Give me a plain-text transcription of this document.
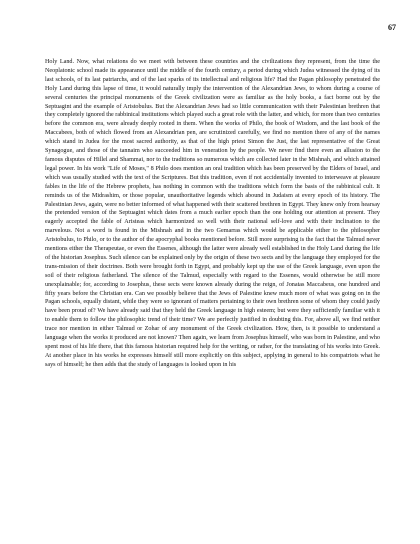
67

Holy Land. Now, what relations do we meet with between these countries and the civilizations they represent, from the time the Neoplatonic school made its appearance until the middle of the fourth century, a period during which Judea witnessed the dying of its last schools, of its last patriarchs, and of the last sparks of its intellectual and religious life? Had the Pagan philosophy penetrated the Holy Land during this lapse of time, it would naturally imply the intervention of the Alexandrian Jews, to whom during a course of several centuries the principal monuments of the Greek civilization were as familiar as the holy books, a fact borne out by the Septuagint and the example of Aristobulus. But the Alexandrian Jews had so little communication with their Palestinian brethren that they completely ignored the rabbinical institutions which played such a great role with the latter, and which, for more than two centuries before the common era, were already deeply rooted in them. When the works of Philo, the book of Wisdom, and the last book of the Maccabees, both of which flowed from an Alexandrian pen, are scrutinized carefully, we find no mention there of any of the names which stand in Judea for the most sacred authority, as that of the high priest Simon the Just, the last representative of the Great Synagogue, and those of the tannaim who succeeded him in veneration by the people. We never find there even an allusion to the famous disputes of Hillel and Shammai, nor to the traditions so numerous which are collected later in the Mishnah, and which attained legal power. In his work "Life of Moses," 8 Philo does mention an oral tradition which has been preserved by the Elders of Israel, and which was usually studied with the text of the Scriptures. But this tradition, even if not accidentally invented to interweave at pleasure fables in the life of the Hebrew prophets, has nothing in common with the traditions which form the basis of the rabbinical cult. It reminds us of the Midrashim, or those popular, unauthoritative legends which abound in Judaism at every epoch of its history. The Palestinian Jews, again, were no better informed of what happened with their scattered brethren in Egypt. They knew only from hearsay the pretended version of the Septuagint which dates from a much earlier epoch than the one holding our attention at present. They eagerly accepted the fable of Aristeas which harmonized so well with their national self-love and with their inclination to the marvelous. Not a word is found in the Mishnah and in the two Gemarras which would be applicable either to the philosopher Aristobulus, to Philo, or to the author of the apocryphal books mentioned before. Still more surprising is the fact that the Talmud never mentions either the Therapeutae, or even the Essenes, although the latter were already well established in the Holy Land during the life of the historian Josephus. Such silence can be explained only by the origin of these two sects and by the language they employed for the trans-mission of their doctrines. Both were brought forth in Egypt, and probably kept up the use of the Greek language, even upon the soil of their religious fatherland. The silence of the Talmud, especially with regard to the Essenes, would otherwise be still more unexplainable; for, according to Josephus, these sects were known already during the reign, of Jonatas Maccabeus, one hundred and fifty years before the Christian era. Can we possibly believe that the Jews of Palestine knew much more of what was going on in the Pagan schools, equally distant, while they were so ignorant of matters pertaining to their own brethren some of whom they could justly have been proud of? We have already said that they held the Greek language in high esteem; but were they sufficiently familiar with it to enable them to follow the philosophic trend of their time? We are perfectly justified in doubting this. For, above all, we find neither trace nor mention in either Talmud or Zohar of any monument of the Greek civilization. How, then, is it possible to understand a language when the works it produced are not known? Then again, we learn from Josephus himself, who was born in Palestine, and who spent most of his life there, that this famous historian required help for the writing, or rather, for the translating of his works into Greek. At another place in his works he expresses himself still more explicitly on this subject, applying in general to his compatriots what he says of himself; he then adds that the study of languages is looked upon in his
